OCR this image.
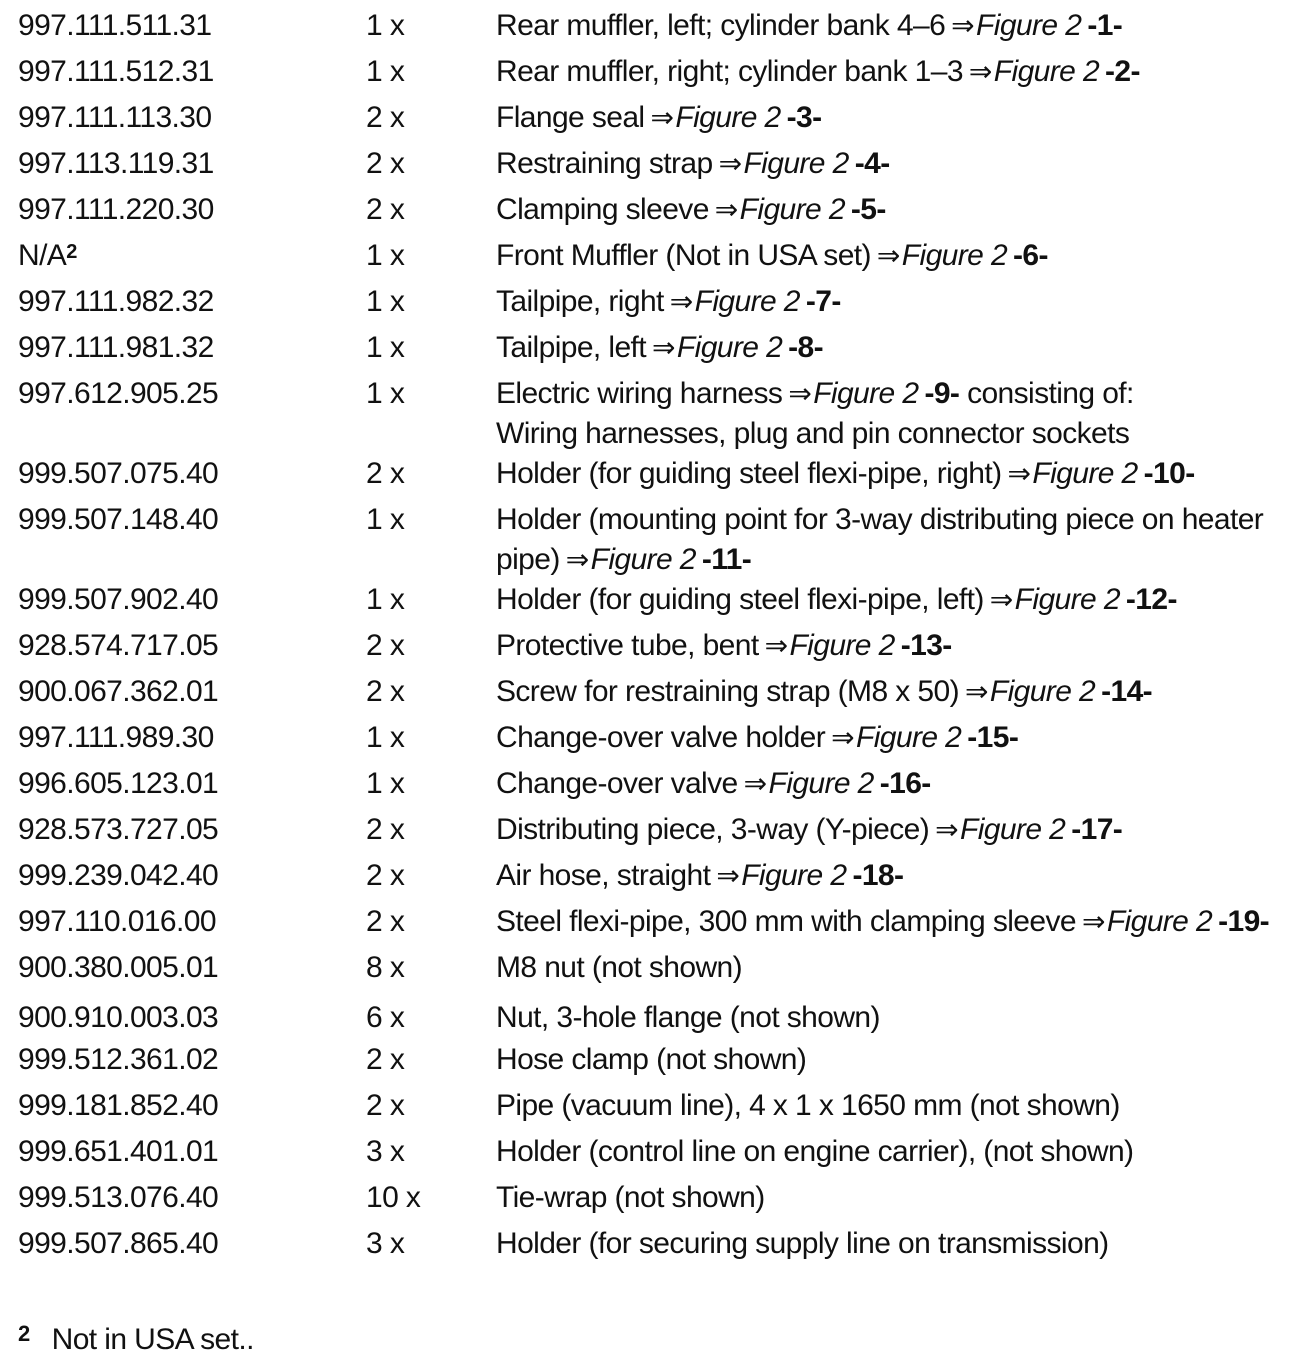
997.111.511.31	1 x	Rear muffler, left; cylinder bank 4–6 ⇒Figure 2 -1-
997.111.512.31	1 x	Rear muffler, right; cylinder bank 1–3 ⇒Figure 2 -2-
997.111.113.30	2 x	Flange seal ⇒Figure 2 -3-
997.113.119.31	2 x	Restraining strap ⇒Figure 2 -4-
997.111.220.30	2 x	Clamping sleeve ⇒Figure 2 -5-
$N/A^2$	1 x	Front Muffler (Not in USA set) ⇒Figure 2 -6-
997.111.982.32	1 x	Tailpipe, right ⇒Figure 2 -7-
997.111.981.32	1 x	Tailpipe, left ⇒Figure 2 -8-
997.612.905.25	1 x	Electric wiring harness ⇒Figure 2 -9- consisting of:
Wiring harnesses, plug and pin connector sockets
999.507.075.40	2 x	Holder (for guiding steel flexi-pipe, right) ⇒Figure 2 -10-
999.507.148.40	1 x	Holder (mounting point for 3-way distributing piece on heater
pipe) ⇒Figure 2 -11-
999.507.902.40	1 x	Holder (for guiding steel flexi-pipe, left) ⇒Figure 2 -12-
928.574.717.05	2 x	Protective tube, bent ⇒Figure 2 -13-
900.067.362.01	2 x	Screw for restraining strap (M8 x 50) ⇒Figure 2 -14-
997.111.989.30	1 x	Change-over valve holder ⇒Figure 2 -15-
996.605.123.01	1 x	Change-over valve ⇒Figure 2 -16-
928.573.727.05	2 x	Distributing piece, 3-way (Y-piece) ⇒Figure 2 -17-
999.239.042.40	2 x	Air hose, straight ⇒Figure 2 -18-
997.110.016.00	2 x	Steel flexi-pipe, 300 mm with clamping sleeve ⇒Figure 2 -19-
900.380.005.01	8 x	M8 nut (not shown)
900.910.003.03	6 x	Nut, 3-hole flange (not shown)
999.512.361.02	2 x	Hose clamp (not shown)
999.181.852.40	2 x	Pipe (vacuum line), 4 x 1 x 1650 mm (not shown)
999.651.401.01	3 x	Holder (control line on engine carrier), (not shown)
999.513.076.40	10 x	Tie-wrap (not shown)
999.507.865.40	3 x	Holder (for securing supply line on transmission)
$^2$ Not in USA set..
